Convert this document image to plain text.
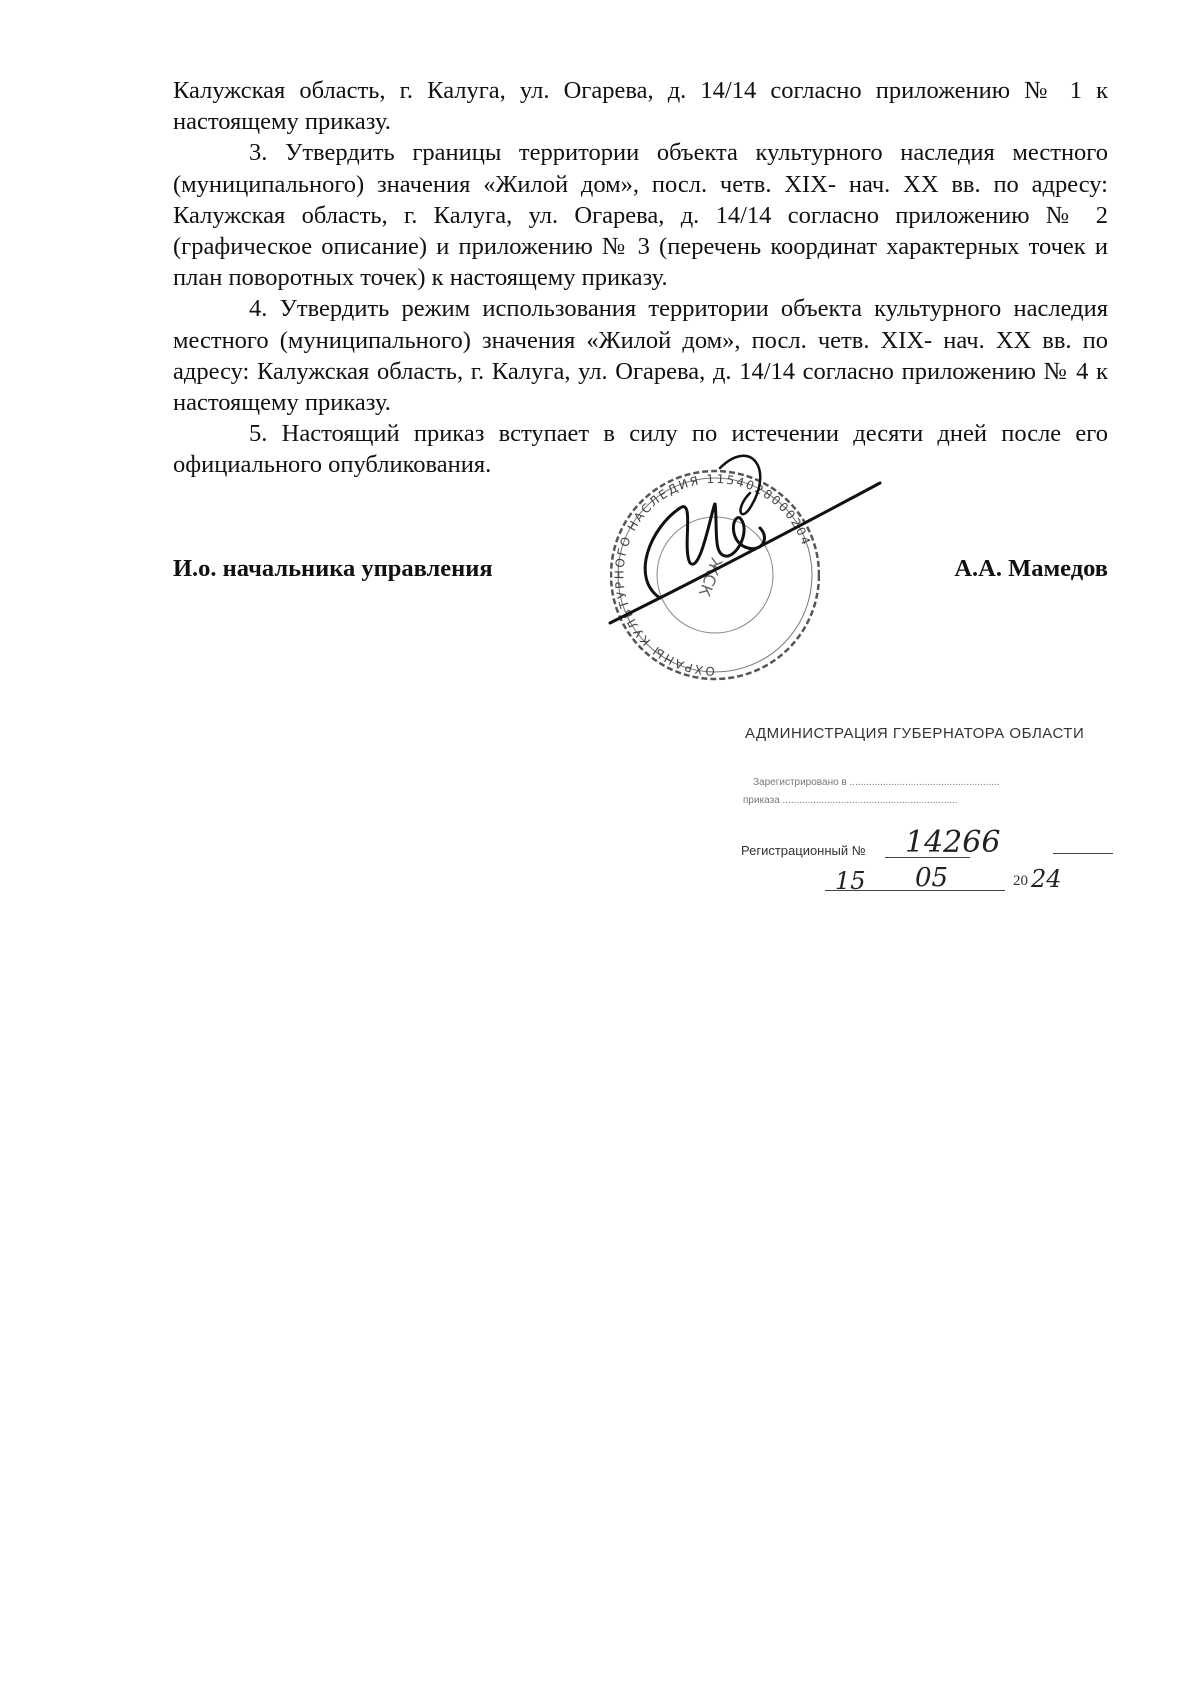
Калужская область, г. Калуга, ул. Огарева, д. 14/14 согласно приложению № 1 к настоящему приказу.

3. Утвердить границы территории объекта культурного наследия местного (муниципального) значения «Жилой дом», посл. четв. XIX- нач. XX вв. по адресу: Калужская область, г. Калуга, ул. Огарева, д. 14/14 согласно приложению № 2 (графическое описание) и приложению № 3 (перечень координат характерных точек и план поворотных точек) к настоящему приказу.

4. Утвердить режим использования территории объекта культурного наследия местного (муниципального) значения «Жилой дом», посл. четв. XIX- нач. XX вв. по адресу: Калужская область, г. Калуга, ул. Огарева, д. 14/14 согласно приложению № 4 к настоящему приказу.

5. Настоящий приказ вступает в силу по истечении десяти дней после его официального опубликования.

ОХРАНЫ КУЛЬТУРНОГО НАСЛЕДИЯ 1154028000204
ЖСК
И.о. начальника управления	А.А. Мамедов
АДМИНИСТРАЦИЯ ГУБЕРНАТОРА ОБЛАСТИ
Зарегистрировано в ......................................................
приказа ...............................................................
Регистрационный № 14266
15 05	20 24
